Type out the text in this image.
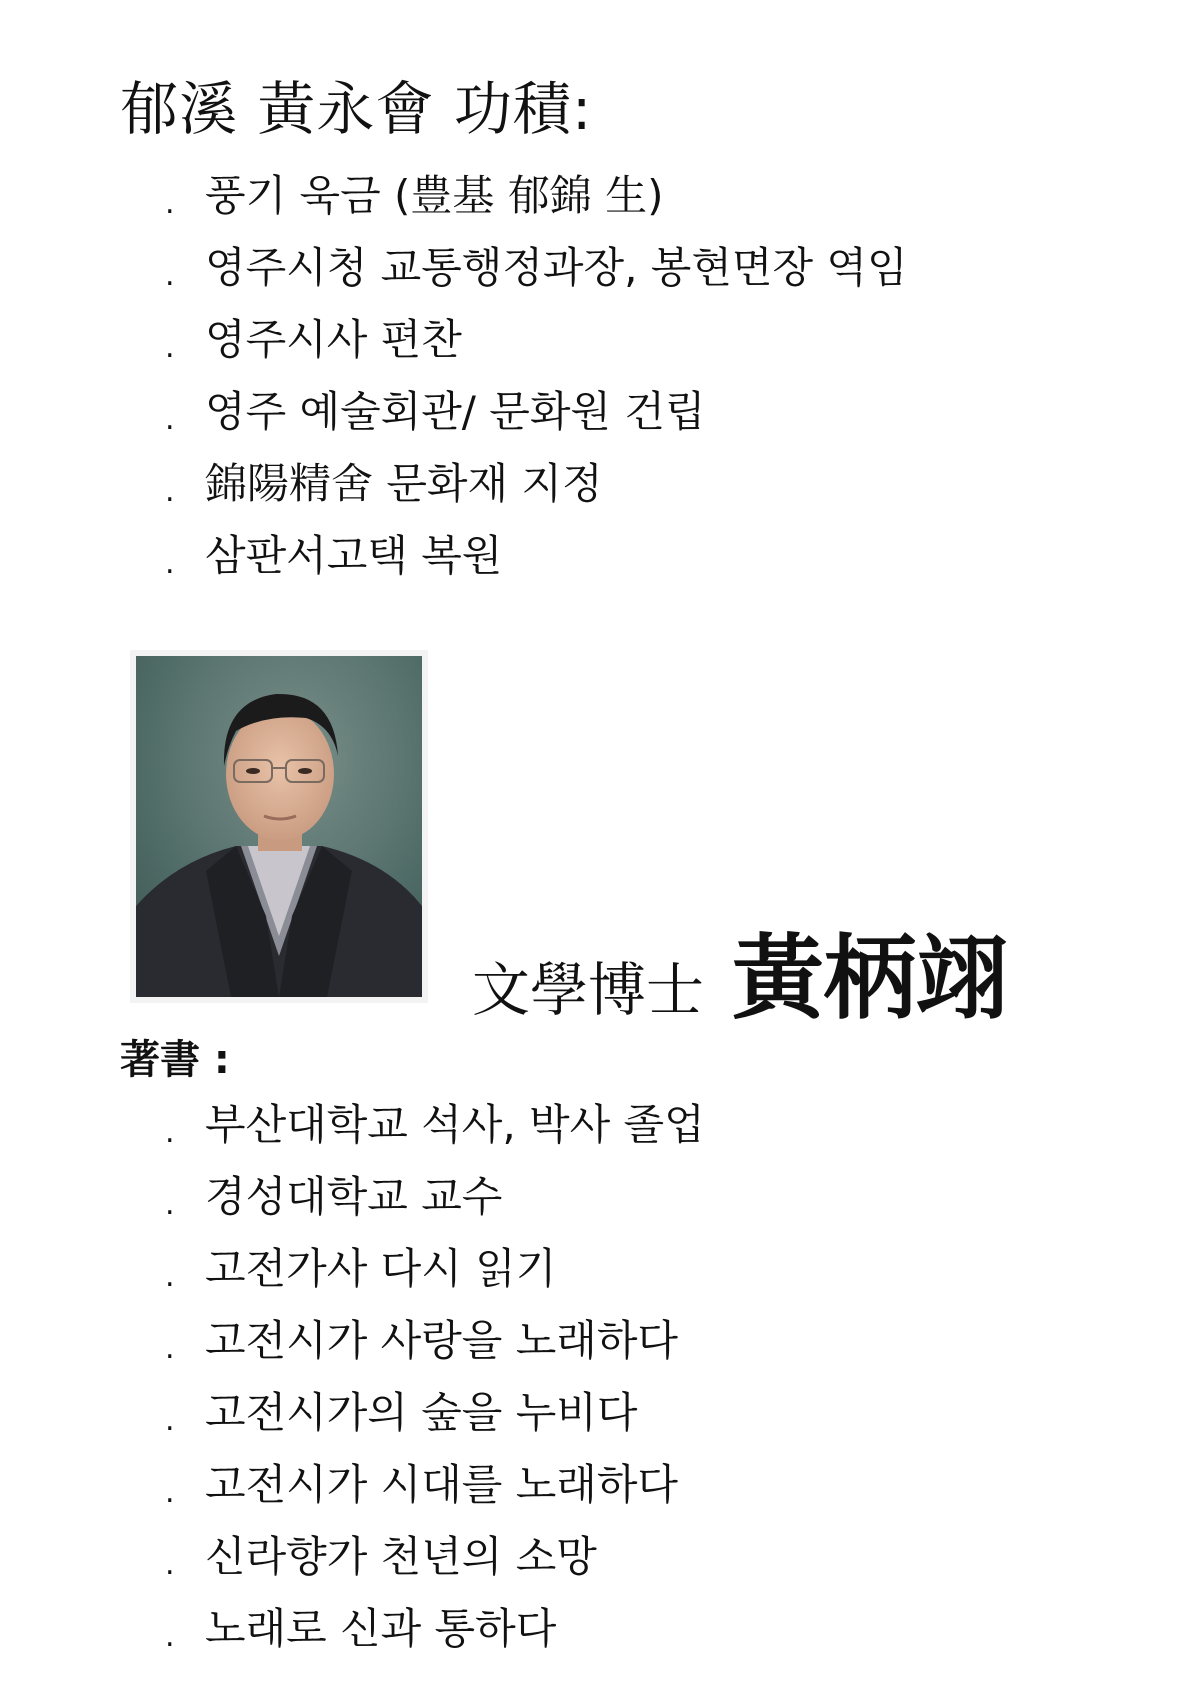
郁溪 黃永會 功積:
. 풍기 욱금 (豊基 郁錦 生)
. 영주시청 교통행정과장, 봉현면장 역임
. 영주시사 편찬
. 영주 예술회관/ 문화원 건립
. 錦陽精舍 문화재 지정
. 삼판서고택 복원
文學博士 黃柄翊
著書 :
. 부산대학교 석사, 박사 졸업
. 경성대학교 교수
. 고전가사 다시 읽기
. 고전시가 사랑을 노래하다
. 고전시가의 숲을 누비다
. 고전시가 시대를 노래하다
. 신라향가 천년의 소망
. 노래로 신과 통하다
